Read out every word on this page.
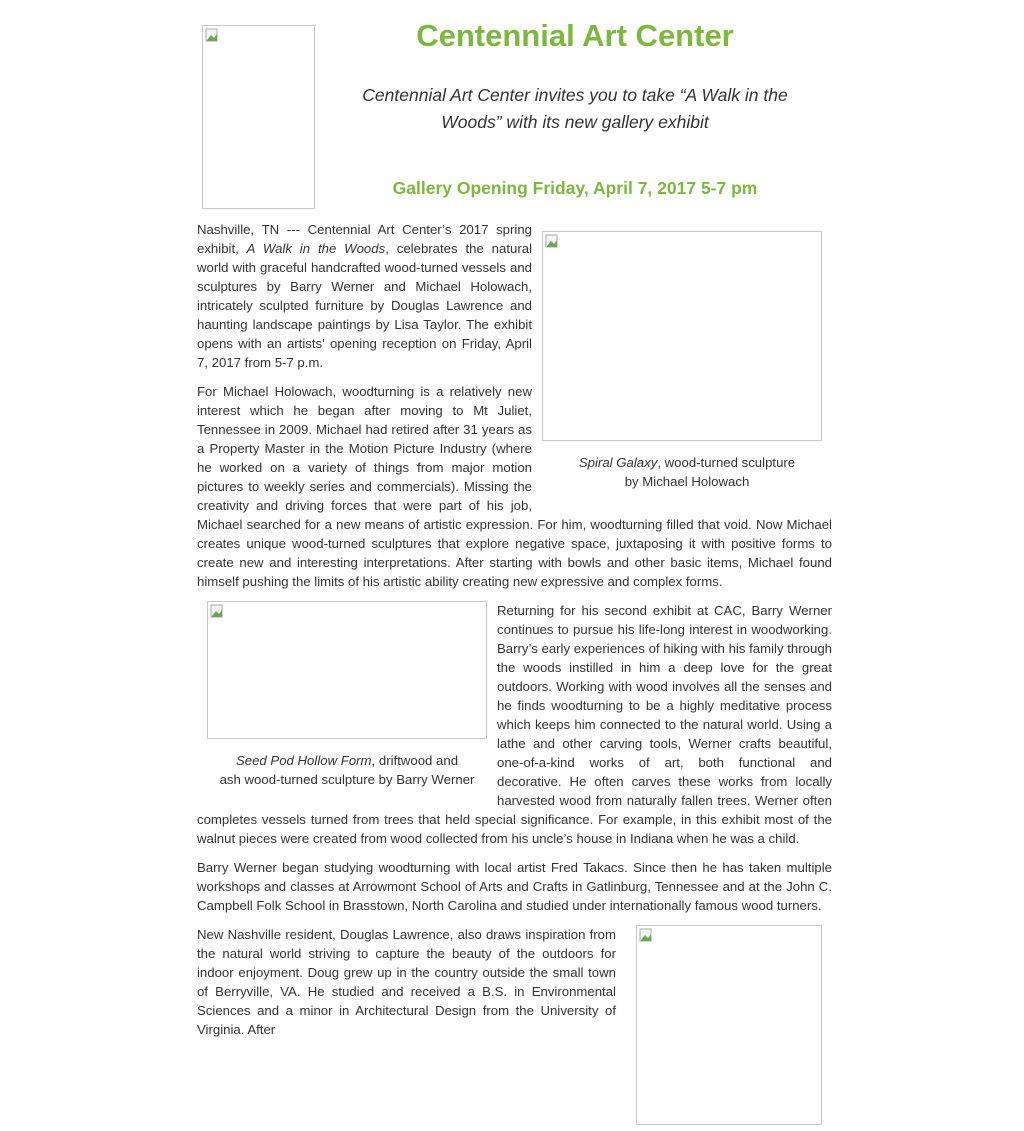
Centennial Art Center

Centennial Art Center invites you to take “A Walk in the Woods” with its new gallery exhibit

Gallery Opening Friday, April 7, 2017 5-7 pm

Spiral Galaxy, wood-turned sculpture
by Michael Holowach

Nashville, TN --- Centennial Art Center’s 2017 spring exhibit, A Walk in the Woods, celebrates the natural world with graceful handcrafted wood-turned vessels and sculptures by Barry Werner and Michael Holowach, intricately sculpted furniture by Douglas Lawrence and haunting landscape paintings by Lisa Taylor. The exhibit opens with an artists' opening reception on Friday, April 7, 2017 from 5-7 p.m.

For Michael Holowach, woodturning is a relatively new interest which he began after moving to Mt Juliet, Tennessee in 2009. Michael had retired after 31 years as a Property Master in the Motion Picture Industry (where he worked on a variety of things from major motion pictures to weekly series and commercials). Missing the creativity and driving forces that were part of his job, Michael searched for a new means of artistic expression. For him, woodturning filled that void. Now Michael creates unique wood-turned sculptures that explore negative space, juxtaposing it with positive forms to create new and interesting interpretations. After starting with bowls and other basic items, Michael found himself pushing the limits of his artistic ability creating new expressive and complex forms.

Seed Pod Hollow Form, driftwood and
ash wood-turned sculpture by Barry Werner

Returning for his second exhibit at CAC, Barry Werner continues to pursue his life-long interest in woodworking. Barry’s early experiences of hiking with his family through the woods instilled in him a deep love for the great outdoors. Working with wood involves all the senses and he finds woodturning to be a highly meditative process which keeps him connected to the natural world. Using a lathe and other carving tools, Werner crafts beautiful, one-of-a-kind works of art, both functional and decorative. He often carves these works from locally harvested wood from naturally fallen trees. Werner often completes vessels turned from trees that held special significance. For example, in this exhibit most of the walnut pieces were created from wood collected from his uncle’s house in Indiana when he was a child.

Barry Werner began studying woodturning with local artist Fred Takacs. Since then he has taken multiple workshops and classes at Arrowmont School of Arts and Crafts in Gatlinburg, Tennessee and at the John C. Campbell Folk School in Brasstown, North Carolina and studied under internationally famous wood turners.

New Nashville resident, Douglas Lawrence, also draws inspiration from the natural world striving to capture the beauty of the outdoors for indoor enjoyment. Doug grew up in the country outside the small town of Berryville, VA. He studied and received a B.S. in Environmental Sciences and a minor in Architectural Design from the University of Virginia. After
